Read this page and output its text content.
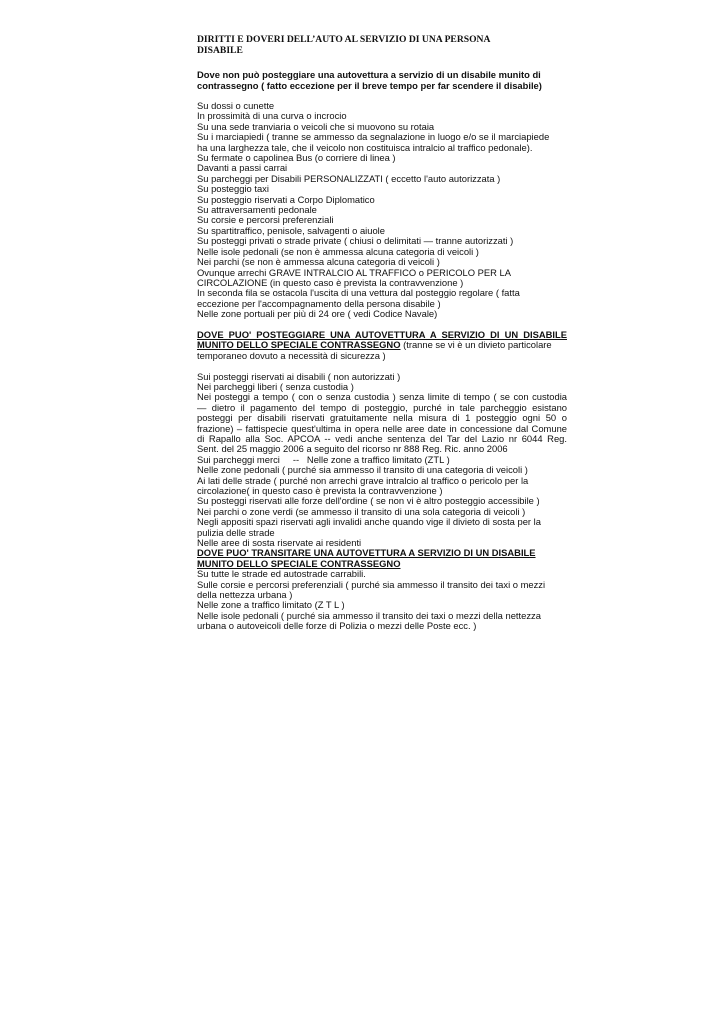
DIRITTI E DOVERI DELL’AUTO AL SERVIZIO DI UNA PERSONA
DISABILE
Dove non può posteggiare una autovettura a servizio di un disabile munito di
contrassegno ( fatto eccezione per il breve tempo per far scendere il disabile)
Su dossi o cunette
In prossimità di una curva o incrocio
Su una sede tranviaria o veicoli che si muovono su rotaia
Su i marciapiedi ( tranne se ammesso da segnalazione in luogo e/o se il marciapiede
ha una larghezza tale, che il veicolo non costituisca intralcio al traffico pedonale).
Su fermate o capolinea Bus (o corriere di linea )
Davanti a passi carrai
Su parcheggi per Disabili PERSONALIZZATI ( eccetto l'auto autorizzata )
Su posteggio taxi
Su posteggio riservati a Corpo Diplomatico
Su attraversamenti pedonale
Su corsie e percorsi preferenziali
Su spartitraffico, penisole, salvagenti o aiuole
Su posteggi privati o strade private ( chiusi o delimitati — tranne autorizzati )
Nelle isole pedonali (se non è ammessa alcuna categoria di veicoli )
Nei parchi (se non è ammessa alcuna categoria di veicoli )
Ovunque arrechi GRAVE INTRALCIO AL TRAFFICO o PERICOLO PER LA
CIRCOLAZIONE (in questo caso è prevista la contravvenzione )
In seconda fila se ostacola l'uscita di una vettura dal posteggio regolare ( fatta
eccezione per l'accompagnamento della persona disabile )
Nelle zone portuali per più di 24 ore ( vedi Codice Navale)
DOVE PUO' POSTEGGIARE UNA AUTOVETTURA A SERVIZIO DI UN DISABILE
MUNITO DELLO SPECIALE CONTRASSEGNO (tranne se vi è un divieto particolare
temporaneo dovuto a necessità di sicurezza )
Sui posteggi riservati ai disabili ( non autorizzati )
Nei parcheggi liberi ( senza custodia )
Nei posteggi a tempo ( con o senza custodia ) senza limite di tempo ( se con custodia
— dietro il pagamento del tempo di posteggio, purché in tale parcheggio esistano
posteggi per disabili riservati gratuitamente nella misura di 1 posteggio ogni 50 o
frazione) – fattispecie quest'ultima in opera nelle aree date in concessione dal Comune
di Rapallo alla Soc. APCOA -- vedi anche sentenza del Tar del Lazio nr 6044 Reg.
Sent. del 25 maggio 2006 a seguito del ricorso nr 888 Reg. Ric. anno 2006
Sui parcheggi merci     --   Nelle zone a traffico limitato (ZTL )
Nelle zone pedonali ( purché sia ammesso il transito di una categoria di veicoli )
Ai lati delle strade ( purché non arrechi grave intralcio al traffico o pericolo per la
circolazione( in questo caso è prevista la contravvenzione )
Su posteggi riservati alle forze dell'ordine ( se non vi è altro posteggio accessibile )
Nei parchi o zone verdi (se ammesso il transito di una sola categoria di veicoli )
Negli appositi spazi riservati agli invalidi anche quando vige il divieto di sosta per la
pulizia delle strade
Nelle aree di sosta riservate ai residenti
DOVE PUO' TRANSITARE UNA AUTOVETTURA A SERVIZIO DI UN DISABILE
MUNITO DELLO SPECIALE CONTRASSEGNO
Su tutte le strade ed autostrade carrabili.
Sulle corsie e percorsi preferenziali ( purché sia ammesso il transito dei taxi o mezzi
della nettezza urbana )
Nelle zone a traffico limitato (Z T L )
Nelle isole pedonali ( purché sia ammesso il transito dei taxi o mezzi della nettezza
urbana o autoveicoli delle forze di Polizia o mezzi delle Poste ecc. )
